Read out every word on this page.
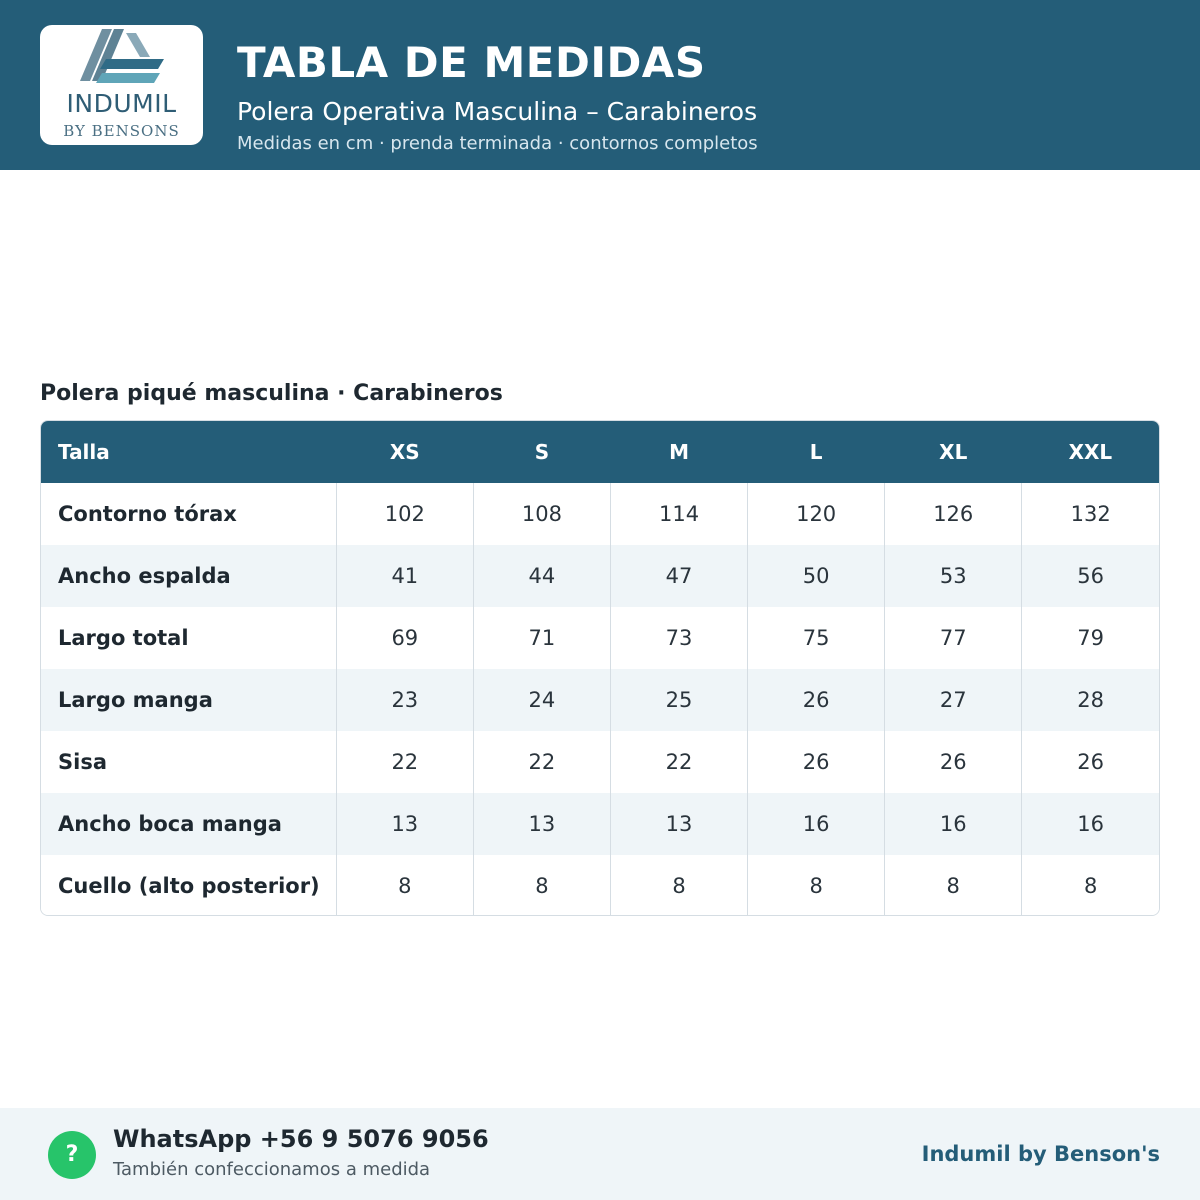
INDUMIL
BY BENSONS
TABLA DE MEDIDAS
Polera Operativa Masculina – Carabineros
Medidas en cm · prenda terminada · contornos completos
Polera piqué masculina · Carabineros
Talla	XS	S	M	L	XL	XXL
Contorno tórax	102	108	114	120	126	132
Ancho espalda	41	44	47	50	53	56
Largo total	69	71	73	75	77	79
Largo manga	23	24	25	26	27	28
Sisa	22	22	22	26	26	26
Ancho boca manga	13	13	13	16	16	16
Cuello (alto posterior)	8	8	8	8	8	8
?
WhatsApp +56 9 5076 9056
También confeccionamos a medida
Indumil by Benson's
